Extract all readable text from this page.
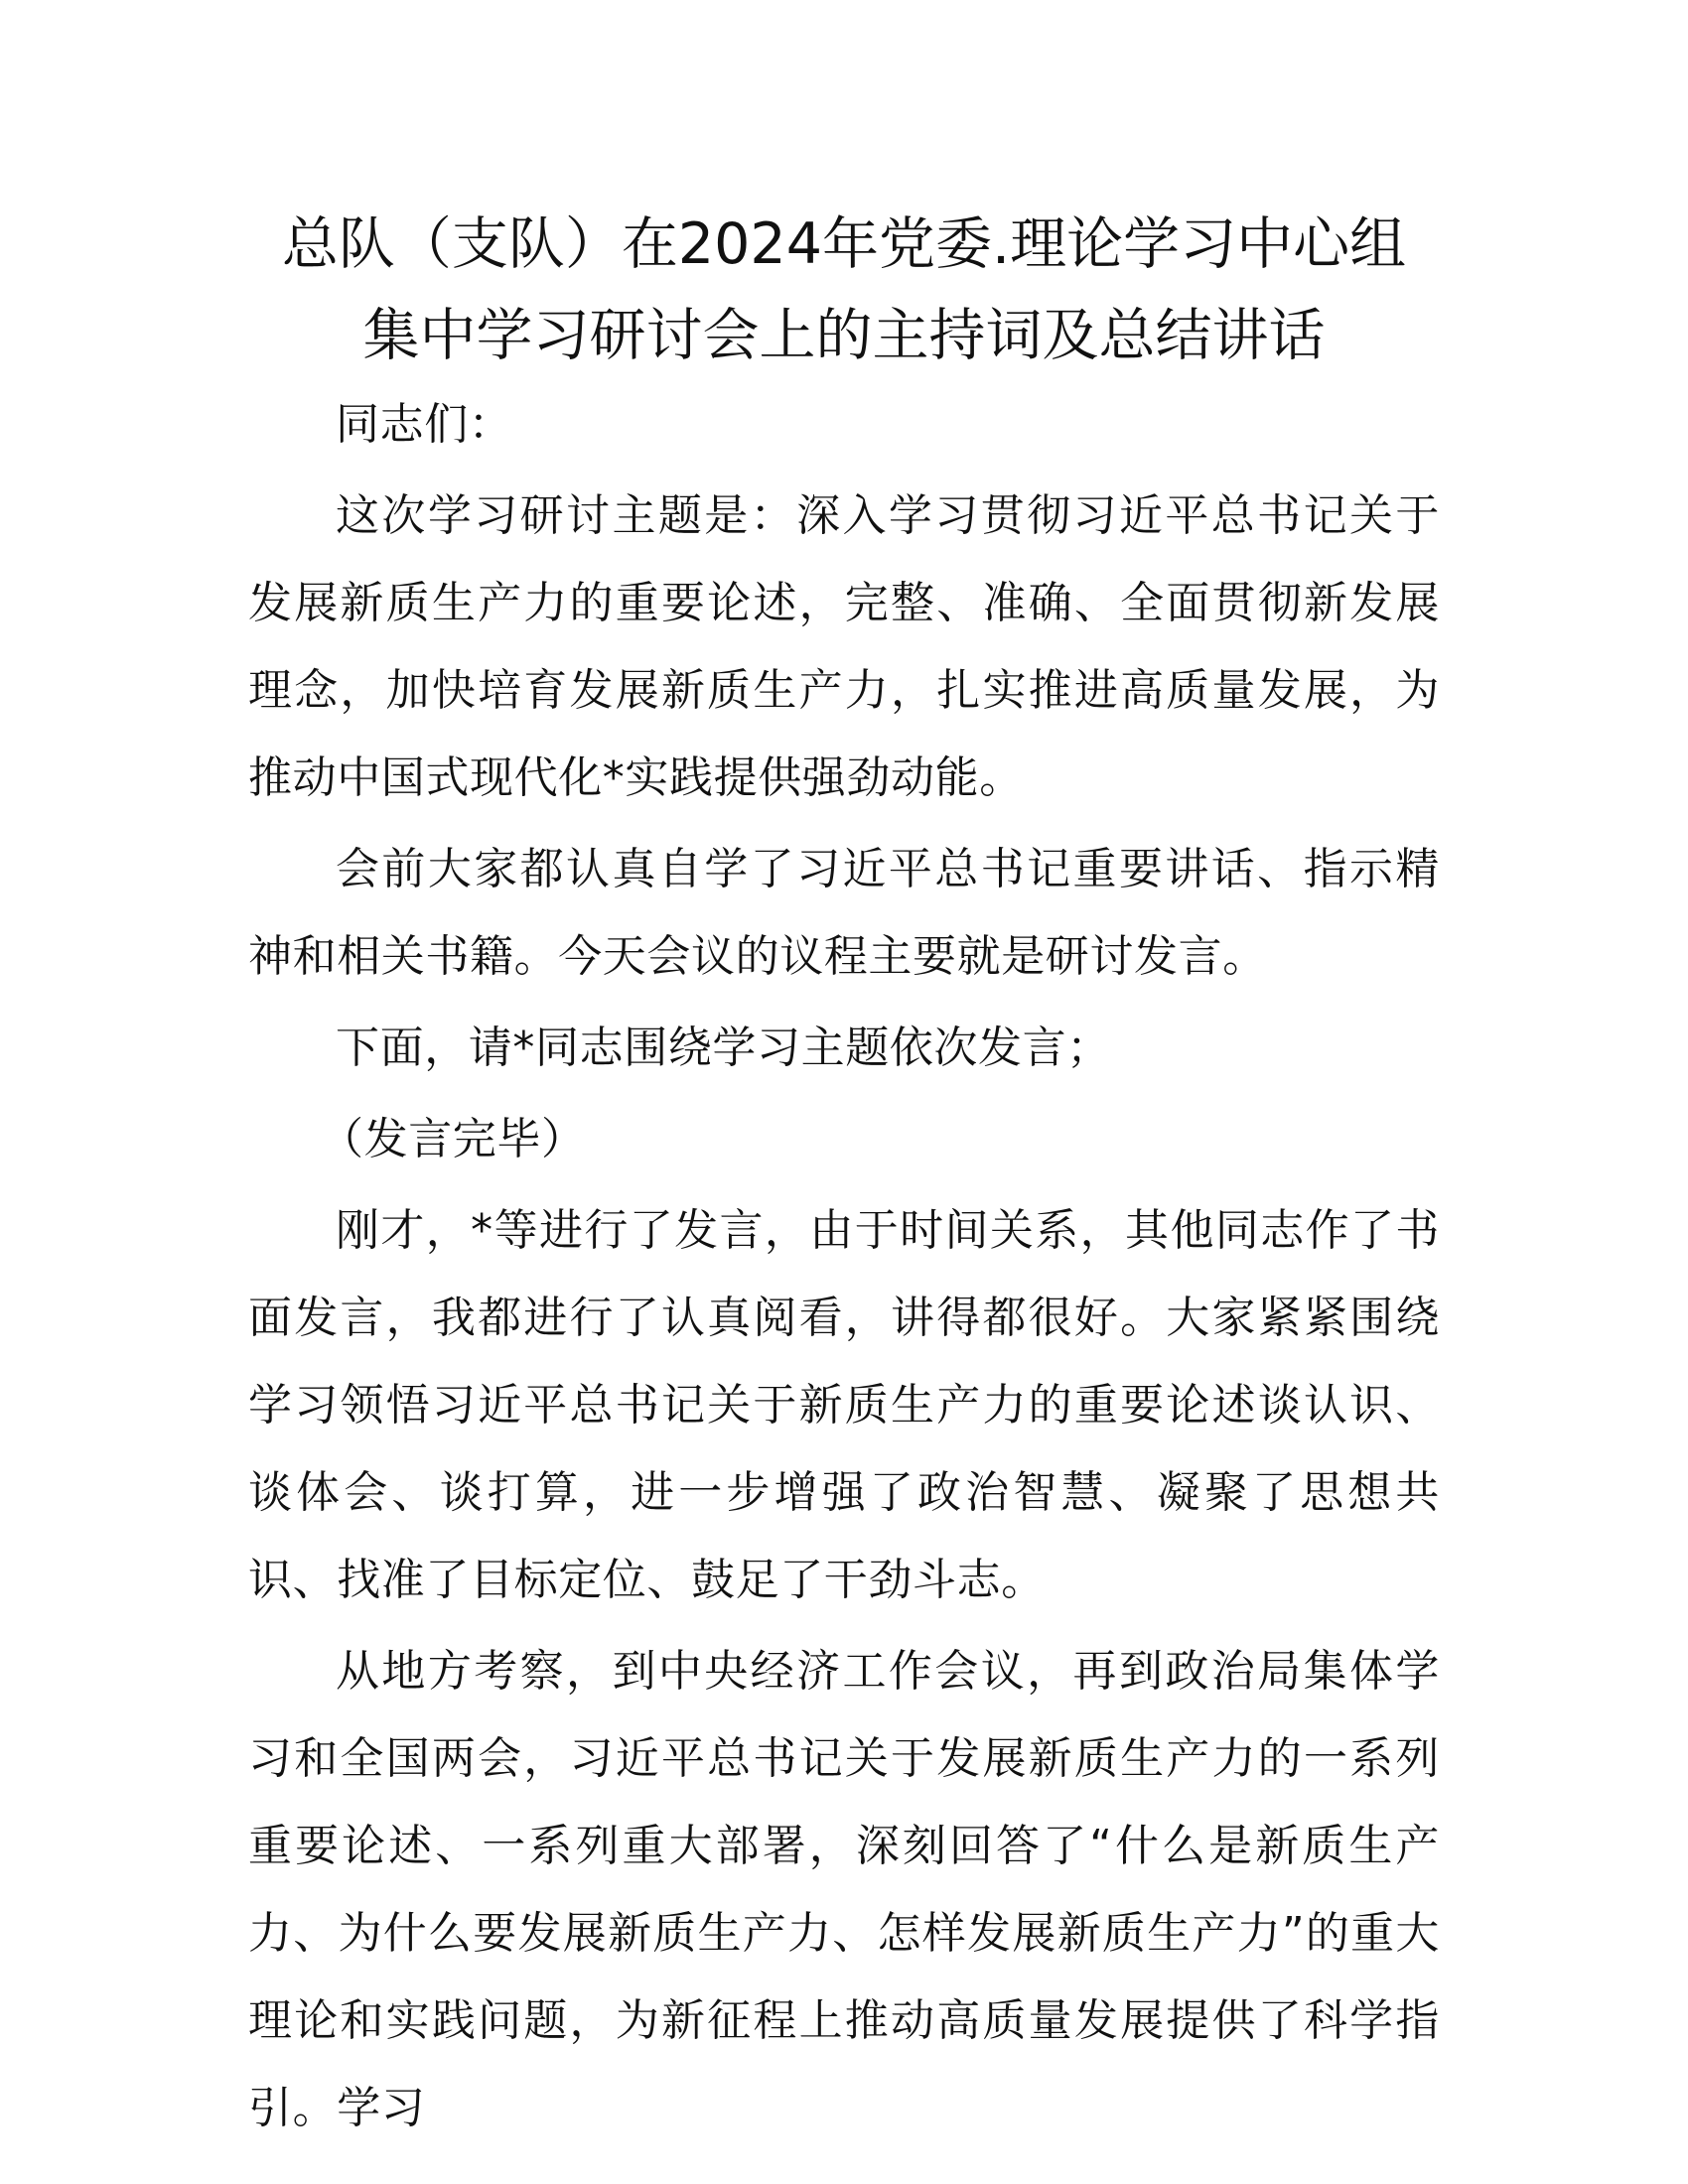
总队（支队）在2024年党委.理论学习中心组
集中学习研讨会上的主持词及总结讲话

同志们：

这次学习研讨主题是：深入学习贯彻习近平总书记关于发展新质生产力的重要论述，完整、准确、全面贯彻新发展理念，加快培育发展新质生产力，扎实推进高质量发展，为推动中国式现代化*实践提供强劲动能。

会前大家都认真自学了习近平总书记重要讲话、指示精神和相关书籍。今天会议的议程主要就是研讨发言。

下面，请*同志围绕学习主题依次发言；

（发言完毕）

刚才，*等进行了发言，由于时间关系，其他同志作了书面发言，我都进行了认真阅看，讲得都很好。大家紧紧围绕学习领悟习近平总书记关于新质生产力的重要论述谈认识、谈体会、谈打算，进一步增强了政治智慧、凝聚了思想共识、找准了目标定位、鼓足了干劲斗志。

从地方考察，到中央经济工作会议，再到政治局集体学习和全国两会，习近平总书记关于发展新质生产力的一系列重要论述、一系列重大部署，深刻回答了“什么是新质生产力、为什么要发展新质生产力、怎样发展新质生产力”的重大理论和实践问题，为新征程上推动高质量发展提供了科学指引。学习
